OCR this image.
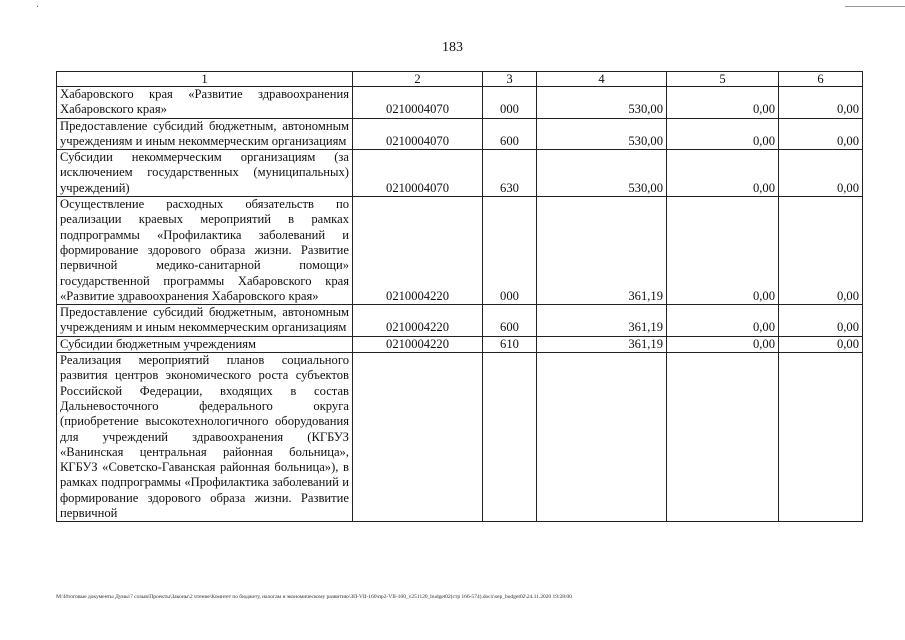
·
183
1	2	3	4	5	6
Хабаровского края «Развитие здравоохранения Хабаровского края»	0210004070	000	530,00	0,00	0,00
Предоставление субсидий бюджетным, автономным учреждениям и иным некоммерческим организациям	0210004070	600	530,00	0,00	0,00
Субсидии некоммерческим организациям (за исключением государственных (муниципальных) учреждений)	0210004070	630	530,00	0,00	0,00
Осуществление расходных обязательств по реализации краевых мероприятий в рамках подпрограммы «Профилактика заболеваний и формирование здорового образа жизни. Развитие первичной медико-санитарной помощи» государственной программы Хабаровского края «Развитие здравоохранения Хабаровского края»	0210004220	000	361,19	0,00	0,00
Предоставление субсидий бюджетным, автономным учреждениям и иным некоммерческим организациям	0210004220	600	361,19	0,00	0,00
Субсидии бюджетным учреждениям	0210004220	610	361,19	0,00	0,00
Реализация мероприятий планов социального развития центров экономического роста субъектов Российской Федерации, входящих в состав Дальневосточного федерального округа (приобретение высокотехнологичного оборудования для учреждений здравоохранения (КГБУЗ «Ванинская центральная районная больница», КГБУЗ «Советско-Гаванская районная больница»), в рамках подпрограммы «Профилактика заболеваний и формирование здорового образа жизни. Развитие первичной					
M:\Итоговые документы Думы\7 созыв\Проекты\Законы\2 чтение\Комитет по бюджету, налогам и экономическому развитию\ЗП-VII-160\пр2-VII-160_v251120_budget02(стр 166-574).docx\sep_budget02\24.11.2020 19:28:00
